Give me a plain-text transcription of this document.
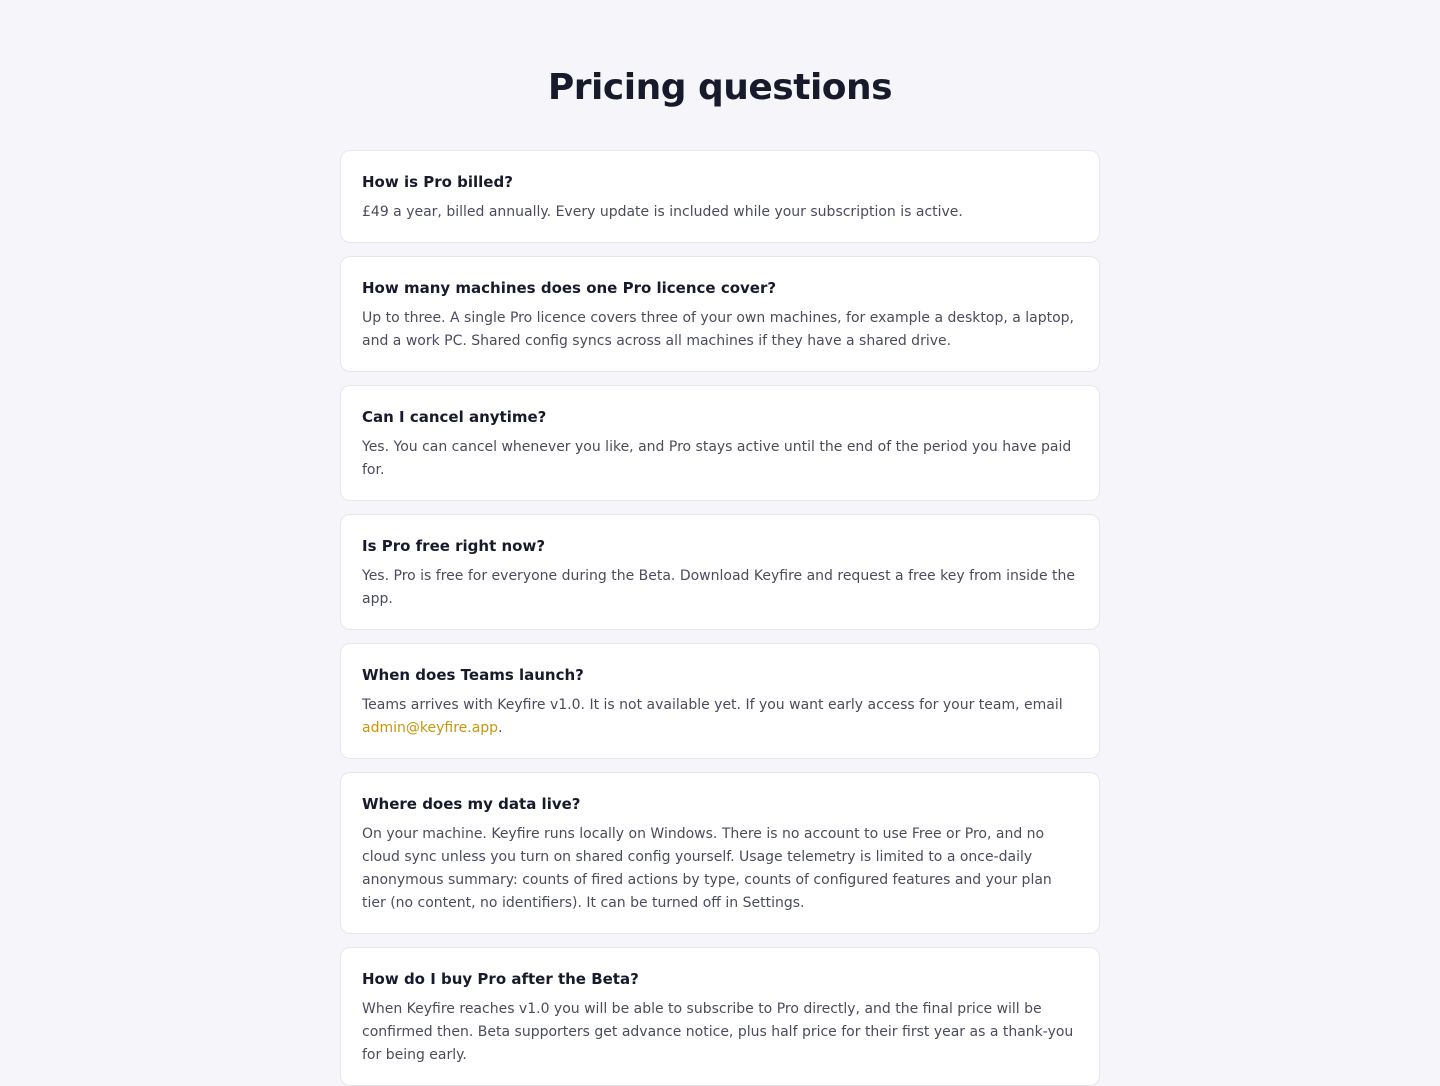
Pricing questions
How is Pro billed?

£49 a year, billed annually. Every update is included while your subscription is active.

How many machines does one Pro licence cover?

Up to three. A single Pro licence covers three of your own machines, for example a desktop, a laptop, and a work PC. Shared config syncs across all machines if they have a shared drive.

Can I cancel anytime?

Yes. You can cancel whenever you like, and Pro stays active until the end of the period you have paid for.

Is Pro free right now?

Yes. Pro is free for everyone during the Beta. Download Keyfire and request a free key from inside the app.

When does Teams launch?

Teams arrives with Keyfire v1.0. It is not available yet. If you want early access for your team, email admin@keyfire.app.

Where does my data live?

On your machine. Keyfire runs locally on Windows. There is no account to use Free or Pro, and no cloud sync unless you turn on shared config yourself. Usage telemetry is limited to a once-daily anonymous summary: counts of fired actions by type, counts of configured features and your plan tier (no content, no identifiers). It can be turned off in Settings.

How do I buy Pro after the Beta?

When Keyfire reaches v1.0 you will be able to subscribe to Pro directly, and the final price will be confirmed then. Beta supporters get advance notice, plus half price for their first year as a thank-you for being early.
